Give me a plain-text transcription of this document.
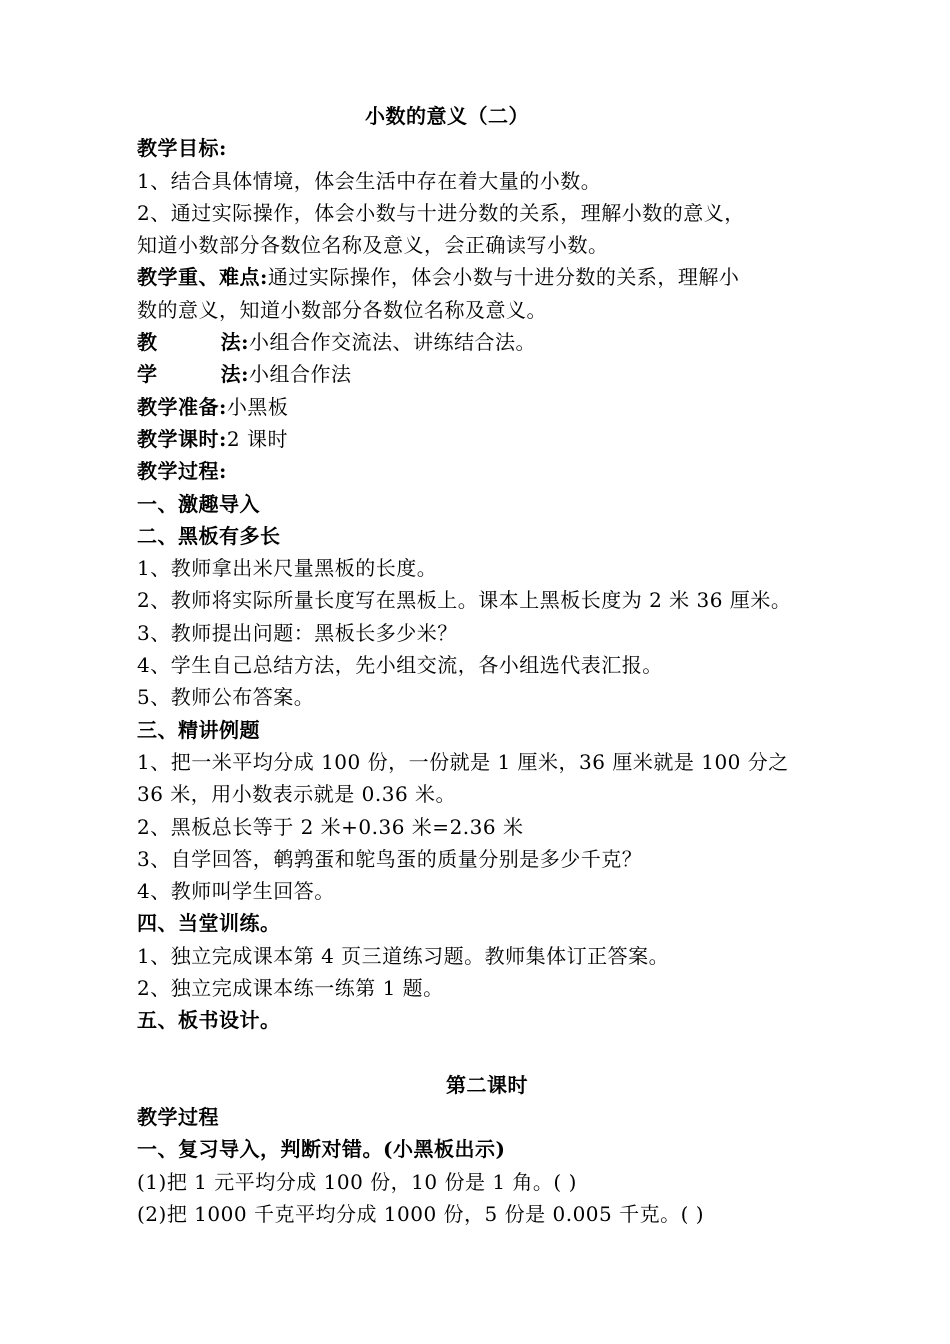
小数的意义（二）
教学目标:
1、结合具体情境，体会生活中存在着大量的小数。
2、通过实际操作，体会小数与十进分数的关系，理解小数的意义，
知道小数部分各数位名称及意义，会正确读写小数。
教学重、难点:通过实际操作，体会小数与十进分数的关系，理解小
数的意义，知道小数部分各数位名称及意义。
教	法: 小组合作交流法、讲练结合法。
学	法: 小组合作法
教学准备:小黑板
教学课时:2 课时
教学过程:
一、激趣导入
二、黑板有多长
1、教师拿出米尺量黑板的长度。
2、教师将实际所量长度写在黑板上。课本上黑板长度为 2 米 36 厘米。
3、教师提出问题：黑板长多少米？
4、学生自己总结方法，先小组交流，各小组选代表汇报。
5、教师公布答案。
三、精讲例题
1、把一米平均分成 100 份，一份就是 1 厘米，36 厘米就是 100 分之
36 米，用小数表示就是 0.36 米。
2、黑板总长等于 2 米+0.36 米=2.36 米
3、自学回答，鹌鹑蛋和鸵鸟蛋的质量分别是多少千克？
4、教师叫学生回答。
四、当堂训练。
1、独立完成课本第 4 页三道练习题。教师集体订正答案。
2、独立完成课本练一练第 1 题。
五、板书设计。
第二课时
教学过程
一、复习导入，判断对错。(小黑板出示)
(1)把 1 元平均分成 100 份，10 份是 1 角。( )
(2)把 1000 千克平均分成 1000 份，5 份是 0.005 千克。( )
